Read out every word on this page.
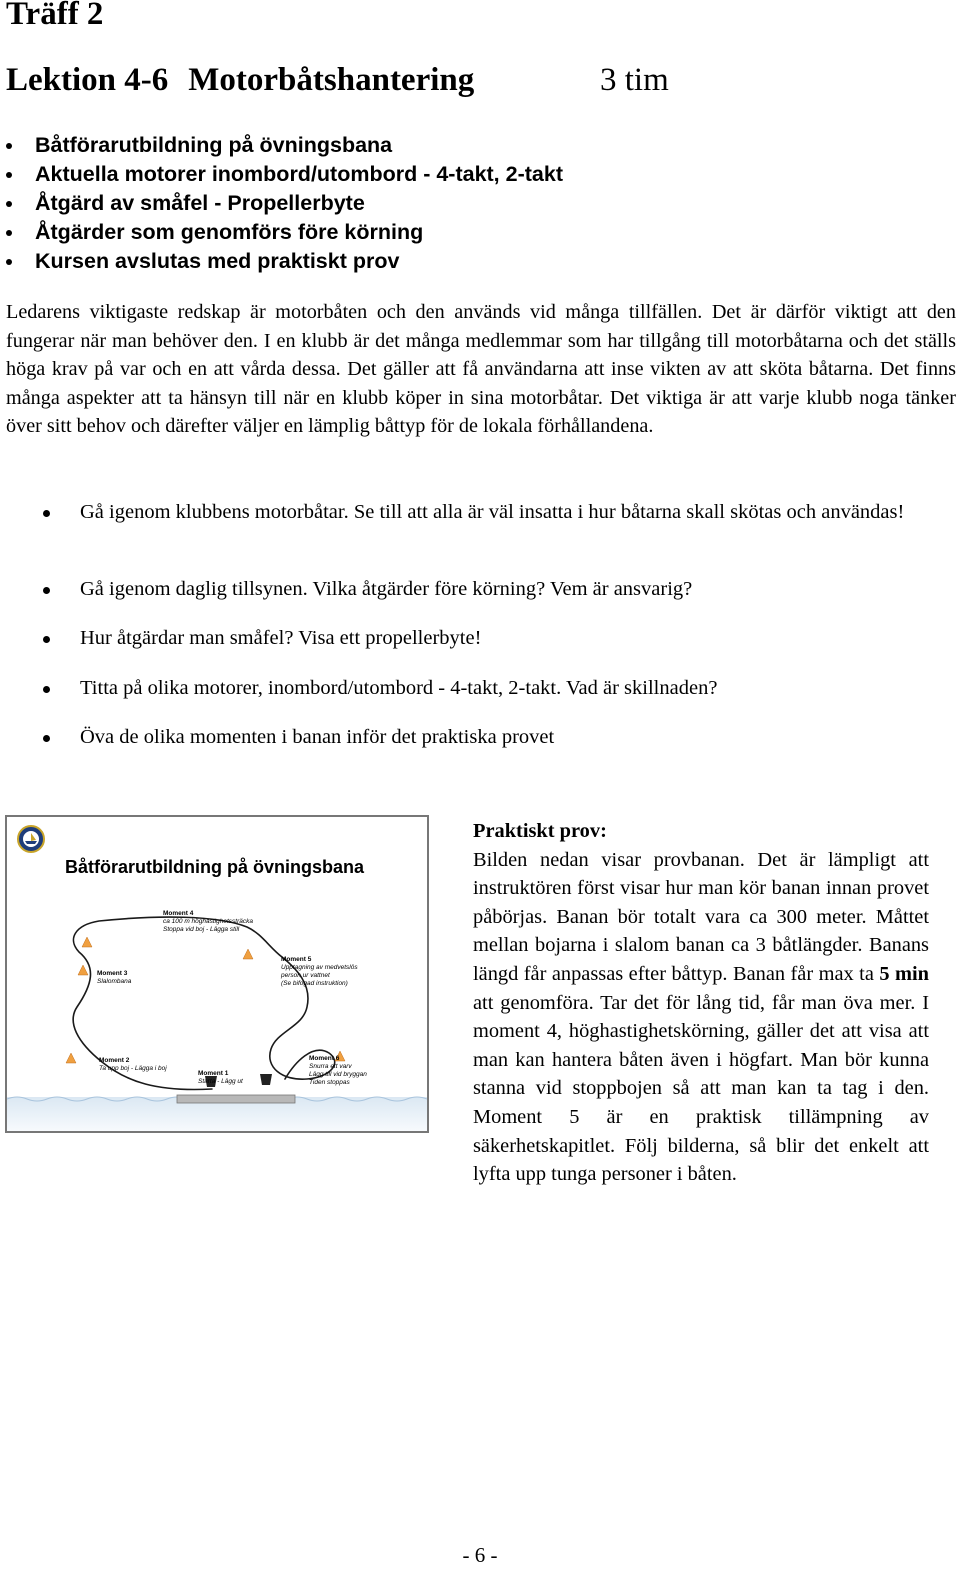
Träff 2
Lektion 4-6 Motorbåtshantering	3 tim
Båtförarutbildning på övningsbana
Aktuella motorer inombord/utombord - 4-takt, 2-takt
Åtgärd av småfel - Propellerbyte
Åtgärder som genomförs före körning
Kursen avslutas med praktiskt prov

Ledarens viktigaste redskap är motorbåten och den används vid många tillfällen. Det är därför viktigt att den fungerar när man behöver den. I en klubb är det många medlemmar som har tillgång till motorbåtarna och det ställs höga krav på var och en att vårda dessa. Det gäller att få användarna att inse vikten av att sköta båtarna. Det finns många aspekter att ta hänsyn till när en klubb köper in sina motorbåtar. Det viktiga är att varje klubb noga tänker över sitt behov och därefter väljer en lämplig båttyp för de lokala förhållandena.

Gå igenom klubbens motorbåtar. Se till att alla är väl insatta i hur båtarna skall skötas och användas!
Gå igenom daglig tillsynen. Vilka åtgärder före körning? Vem är ansvarig?
Hur åtgärdar man småfel? Visa ett propellerbyte!
Titta på olika motorer, inombord/utombord - 4-takt, 2-takt. Vad är skillnaden?
Öva de olika momenten i banan inför det praktiska provet
Båtförarutbildning på övningsbana
Moment 4
ca 100 m höghastighetssträcka
Stoppa vid boj - Lägga still
Moment 3
Slalombana
Moment 5
Upptagning av medvetslös
person ur vattnet
(Se bifogad instruktion)
Moment 2
Ta upp boj - Lägga i boj
Moment 1
Starta - Lägg ut
Moment 6
Snurra ett varv
Lägg till vid bryggan
Tiden stoppas
Praktiskt prov:
Bilden nedan visar provbanan. Det är lämpligt att instruktören först visar hur man kör banan innan provet påbörjas. Banan bör totalt vara ca 300 meter. Måttet mellan bojarna i slalom banan ca 3 båtlängder. Banans längd får anpassas efter båttyp. Banan får max ta 5 min att genomföra. Tar det för lång tid, får man öva mer. I moment 4, höghastighetskörning, gäller det att visa att man kan hantera båten även i högfart. Man bör kunna stanna vid stoppbojen så att man kan ta tag i den. Moment 5 är en praktisk tillämpning av säkerhetskapitlet. Följ bilderna, så blir det enkelt att lyfta upp tunga personer i båten.
- 6 -
